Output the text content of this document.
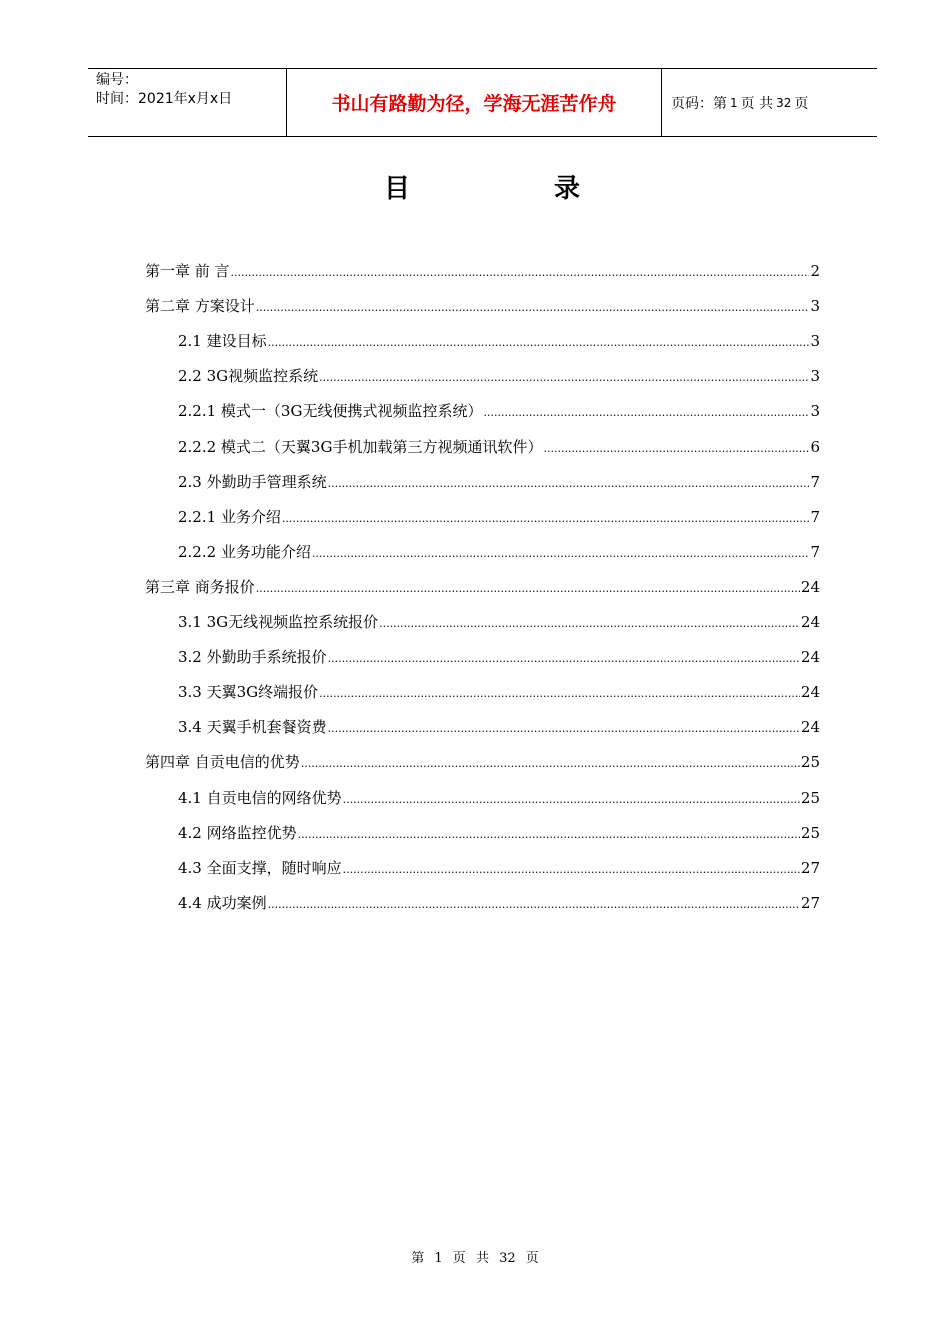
编号：
时间：2021年x月x日	书山有路勤为径，学海无涯苦作舟	页码：第 1 页 共 32 页
目	录
第一章 前 言 .....	2
第二章 方案设计 .....	3
2.1 建设目标 .....	3
2.2 3G视频监控系统 .....	3
2.2.1 模式一（3G无线便携式视频监控系统） .....	3
2.2.2 模式二（天翼3G手机加载第三方视频通讯软件） .....	6
2.3 外勤助手管理系统 .....	7
2.2.1 业务介绍 .....	7
2.2.2 业务功能介绍 .....	7
第三章 商务报价 .....	24
3.1 3G无线视频监控系统报价 .....	24
3.2 外勤助手系统报价 .....	24
3.3 天翼3G终端报价 .....	24
3.4 天翼手机套餐资费 .....	24
第四章 自贡电信的优势 .....	25
4.1 自贡电信的网络优势 .....	25
4.2 网络监控优势 .....	25
4.3 全面支撑，随时响应 .....	27
4.4 成功案例 .....	27
第 1 页 共 32 页
